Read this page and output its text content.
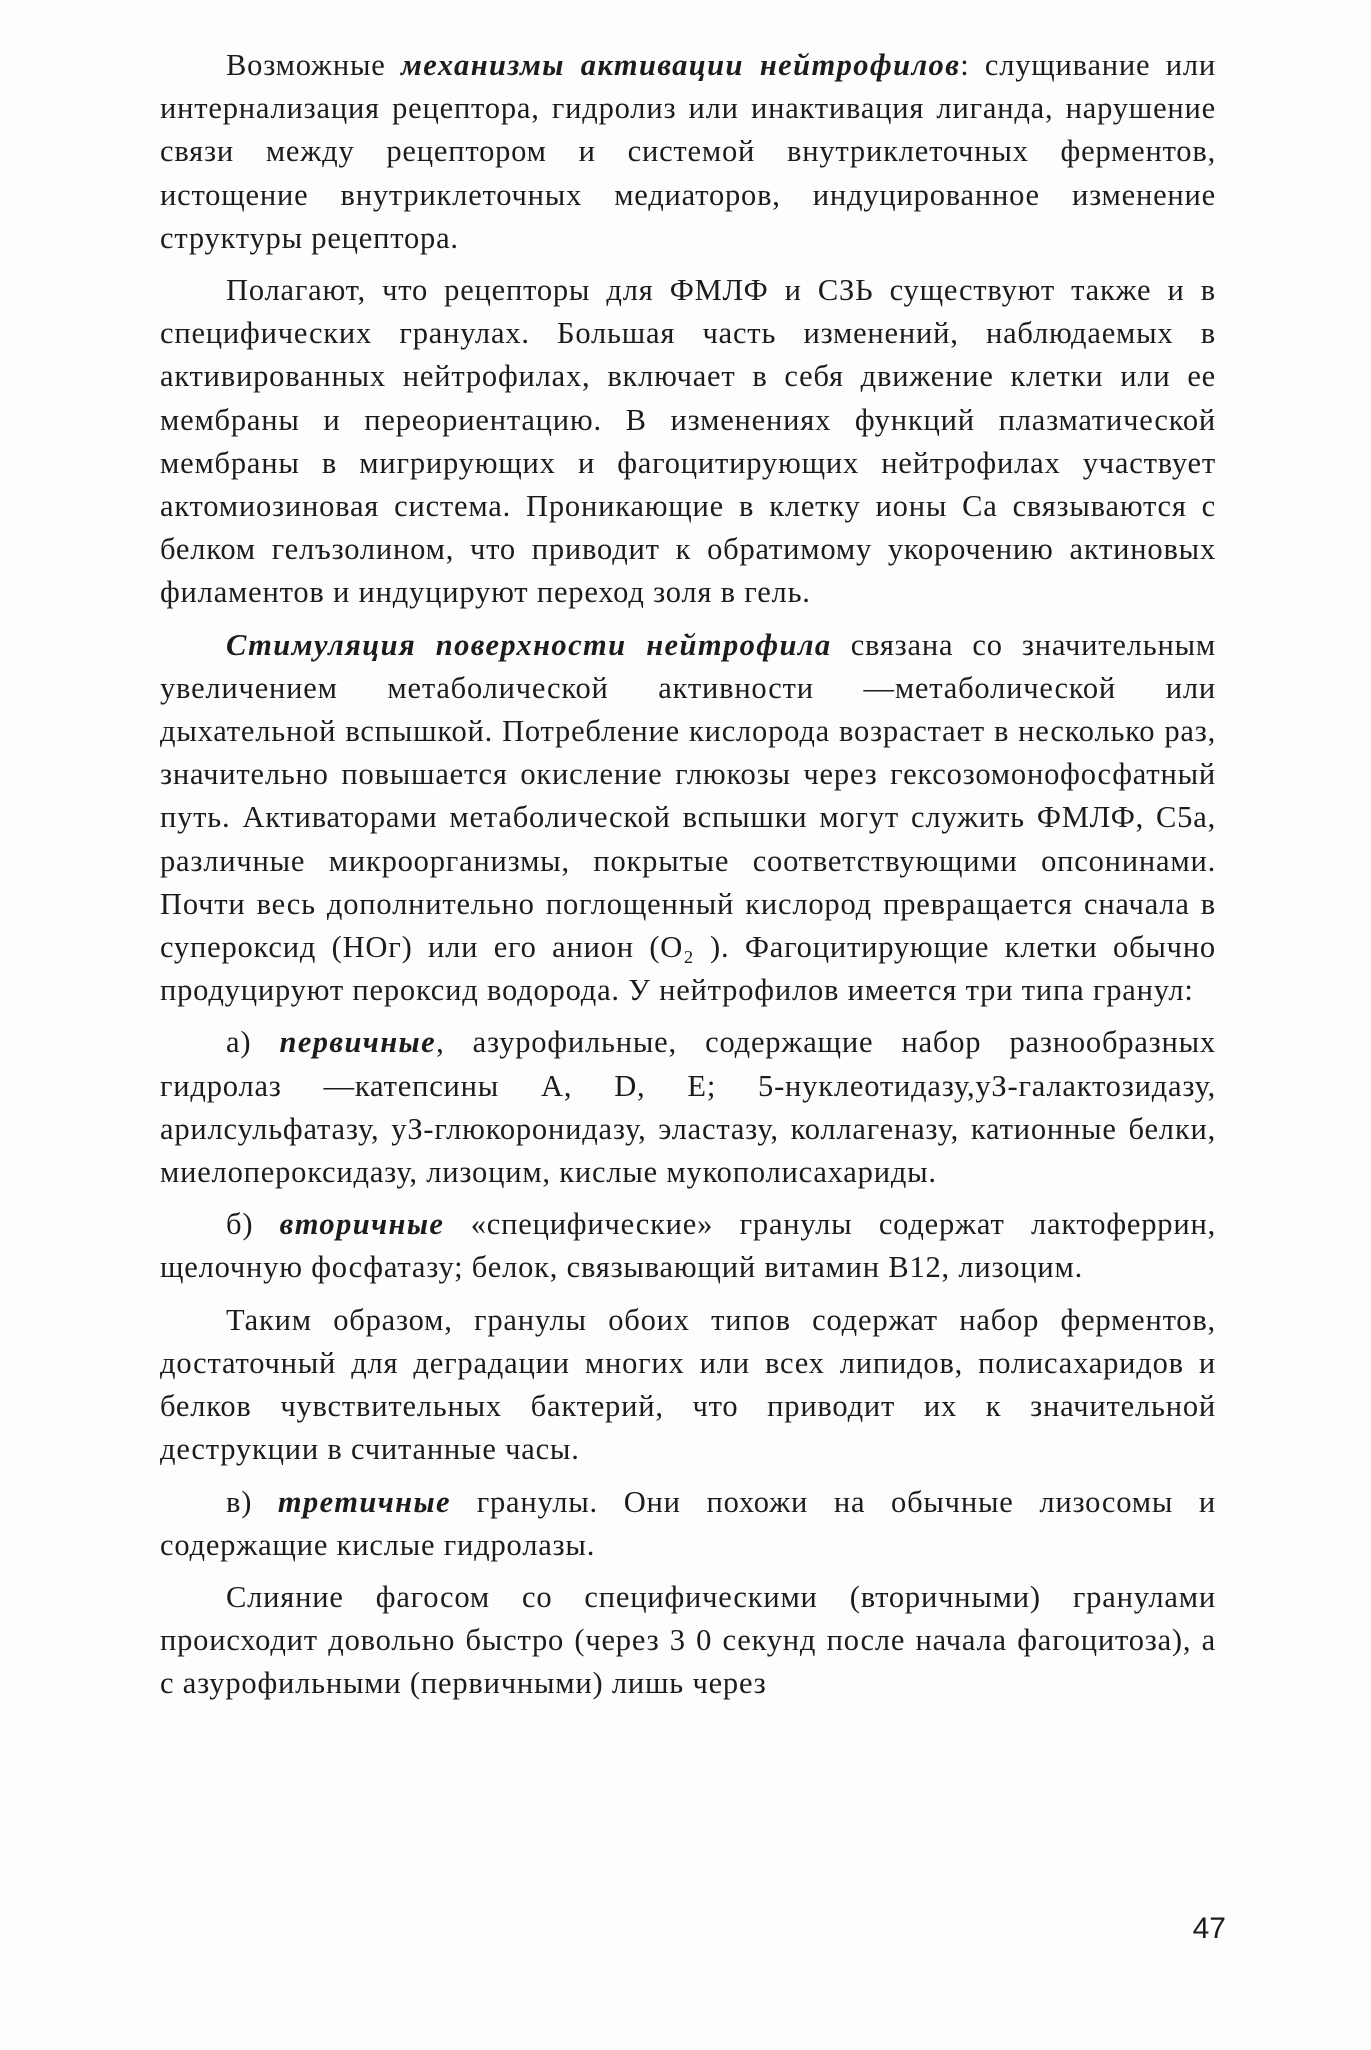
Возможные механизмы активации нейтрофилов: слущивание или интернализация рецептора, гидролиз или инактивация лиганда, нарушение связи между рецептором и системой внутриклеточных ферментов, истощение внутриклеточных медиаторов, индуцированное изменение структуры рецептора.

Полагают, что рецепторы для ФМЛФ и СЗЬ существуют также и в специфических гранулах. Большая часть изменений, наблюдаемых в активированных нейтрофилах, включает в себя движение клетки или ее мембраны и переориентацию. В изменениях функций плазматической мембраны в мигрирующих и фагоцитирующих нейтрофилах участвует актомиозиновая система. Проникающие в клетку ионы Са связываются с белком гелъзолином, что приводит к обратимому укорочению актиновых филаментов и индуцируют переход золя в гель.

Стимуляция поверхности нейтрофила связана со значительным увеличением метаболической активности —метаболической или дыхательной вспышкой. Потребление кислорода возрастает в несколько раз, значительно повышается окисление глюкозы через гексозомонофосфатный путь. Активаторами метаболической вспышки могут служить ФМЛФ, С5а, различные микроорганизмы, покрытые соответствующими опсонинами. Почти весь дополнительно поглощенный кислород превращается сначала в супероксид (НОг) или его анион (О₂ ). Фагоцитирующие клетки обычно продуцируют пероксид водорода. У нейтрофилов имеется три типа гранул:

а) первичные, азурофильные, содержащие набор разнообразных гидролаз —катепсины A, D, E; 5-нуклеотидазу,уЗ-галактозидазу, арилсульфатазу, уЗ-глюкоронидазу, эластазу, коллагеназу, катионные белки, миелопероксидазу, лизоцим, кислые мукополисахариды.

б) вторичные «специфические» гранулы содержат лактоферрин, щелочную фосфатазу; белок, связывающий витамин В12, лизоцим.

Таким образом, гранулы обоих типов содержат набор ферментов, достаточный для деградации многих или всех липидов, полисахаридов и белков чувствительных бактерий, что приводит их к значительной деструкции в считанные часы.

в) третичные гранулы. Они похожи на обычные лизосомы и содержащие кислые гидролазы.

Слияние фагосом со специфическими (вторичными) гранулами происходит довольно быстро (через 3 0 секунд после начала фагоцитоза), а с азурофильными (первичными) лишь через

47
